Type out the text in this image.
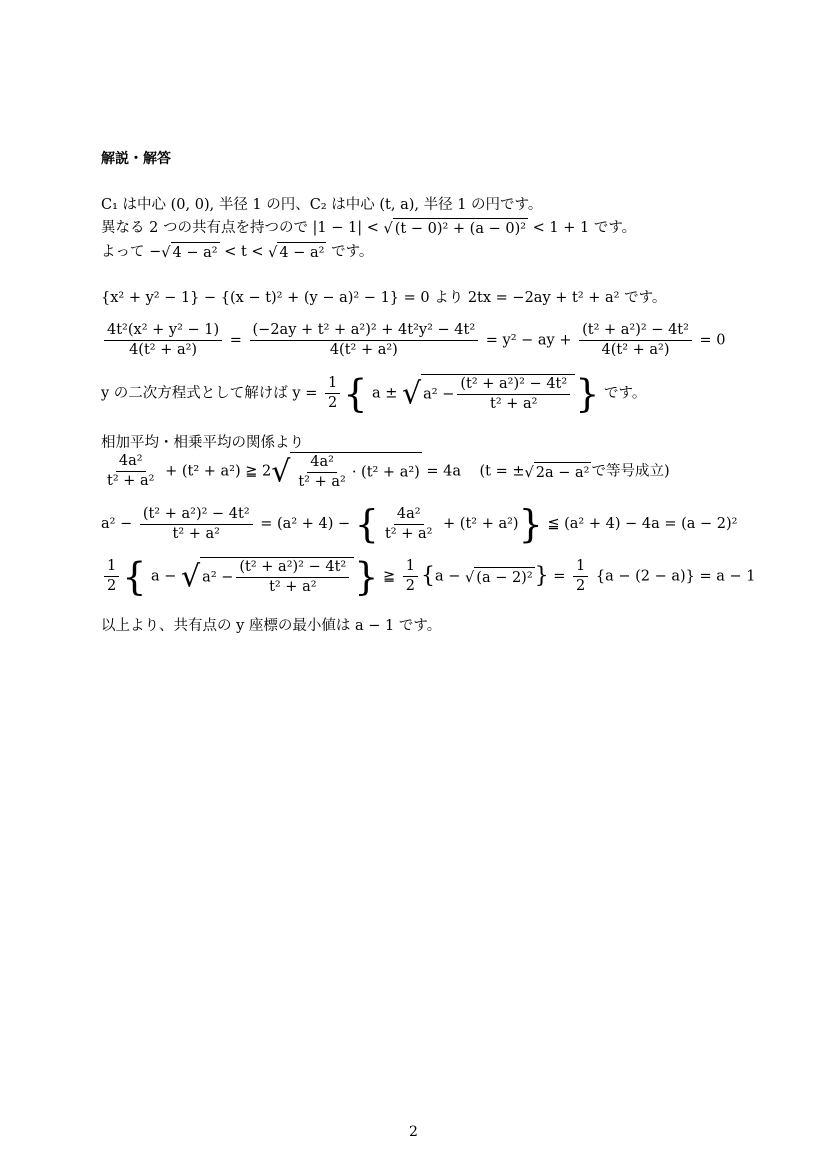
解説・解答
C₁ は中心 (0, 0), 半径 1 の円、C₂ は中心 (t, a), 半径 1 の円です。
異なる 2 つの共有点を持つので |1 − 1| < √ (t − 0)² + (a − 0)² < 1 + 1 です。
よって −√ 4 − a² < t < √ 4 − a² です。
{x² + y² − 1} − {(x − t)² + (y − a)² − 1} = 0 より 2tx = −2ay + t² + a² です。
$\frac{\text{4t²(x² + y² − 1)}}{\text{4(t² + a²)}} = \frac{\text{(−2ay + t² + a²)² + 4t²y² − 4t²}}{\text{4(t² + a²)}} = y^2$ − ay + $\frac{\text{(t² + a²)² − 4t²}}{\text{4(t² + a²)}} = 0$
y の二次方程式として解けば $y = \frac{1}{2}$ { a ± √ $a^2 - \frac{\text{(t² + a²)² − 4t²}}{\text{t² + a²}}$ } です。
相加平均・相乗平均の関係より
$\frac{\text{4a²}}{\text{t² + a²}} + (t^2 + a^2)$ ≧ $2√ \frac{\text{4a²}}{\text{t² + a²}} \cdot (t^2 + a^2) = 4a$ (t = ±√ 2a − a² で等号成立)
$a^2 - \frac{\text{(t² + a²)² − 4t²}}{\text{t² + a²}} = (a^2 + 4)$ − { $\frac{\text{4a²}}{\text{t² + a²}} + (t^2 + a^2)$} ≦ (a² + 4) − 4a = (a − 2)²
$\frac{1}{2}$ { a − √ $a^2 - \frac{\text{(t² + a²)² − 4t²}}{\text{t² + a²}}$ } ≧ $\frac{1}{2} \{a$ − √ $(a - 2)^2\} = \frac{1}{2} \{a - (2 - a)\} = a - 1$
以上より、共有点の y 座標の最小値は a − 1 です。
2
